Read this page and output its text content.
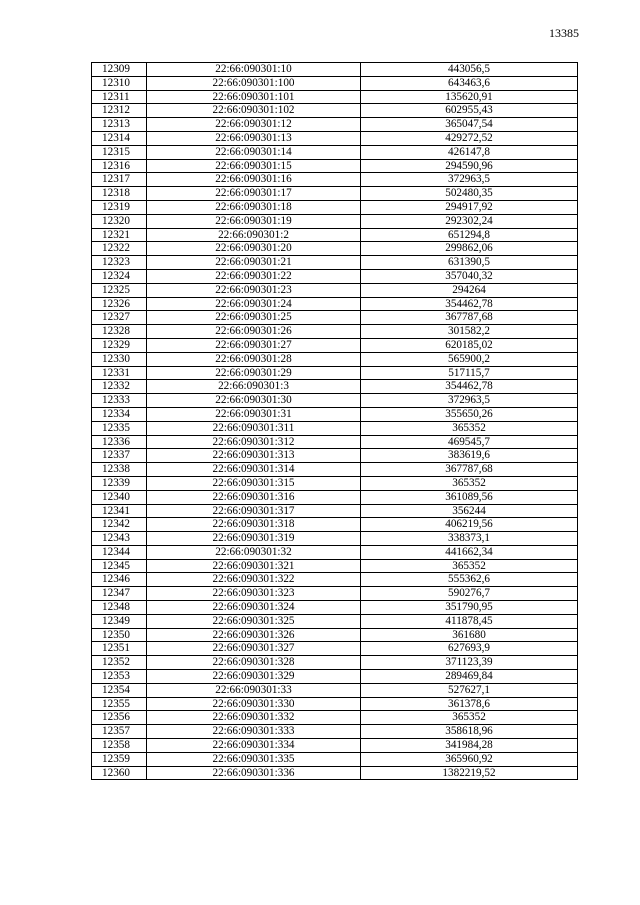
13385
12309	22:66:090301:10	443056,5
12310	22:66:090301:100	643463,6
12311	22:66:090301:101	135620,91
12312	22:66:090301:102	602955,43
12313	22:66:090301:12	365047,54
12314	22:66:090301:13	429272,52
12315	22:66:090301:14	426147,8
12316	22:66:090301:15	294590,96
12317	22:66:090301:16	372963,5
12318	22:66:090301:17	502480,35
12319	22:66:090301:18	294917,92
12320	22:66:090301:19	292302,24
12321	22:66:090301:2	651294,8
12322	22:66:090301:20	299862,06
12323	22:66:090301:21	631390,5
12324	22:66:090301:22	357040,32
12325	22:66:090301:23	294264
12326	22:66:090301:24	354462,78
12327	22:66:090301:25	367787,68
12328	22:66:090301:26	301582,2
12329	22:66:090301:27	620185,02
12330	22:66:090301:28	565900,2
12331	22:66:090301:29	517115,7
12332	22:66:090301:3	354462,78
12333	22:66:090301:30	372963,5
12334	22:66:090301:31	355650,26
12335	22:66:090301:311	365352
12336	22:66:090301:312	469545,7
12337	22:66:090301:313	383619,6
12338	22:66:090301:314	367787,68
12339	22:66:090301:315	365352
12340	22:66:090301:316	361089,56
12341	22:66:090301:317	356244
12342	22:66:090301:318	406219,56
12343	22:66:090301:319	338373,1
12344	22:66:090301:32	441662,34
12345	22:66:090301:321	365352
12346	22:66:090301:322	555362,6
12347	22:66:090301:323	590276,7
12348	22:66:090301:324	351790,95
12349	22:66:090301:325	411878,45
12350	22:66:090301:326	361680
12351	22:66:090301:327	627693,9
12352	22:66:090301:328	371123,39
12353	22:66:090301:329	289469,84
12354	22:66:090301:33	527627,1
12355	22:66:090301:330	361378,6
12356	22:66:090301:332	365352
12357	22:66:090301:333	358618,96
12358	22:66:090301:334	341984,28
12359	22:66:090301:335	365960,92
12360	22:66:090301:336	1382219,52
